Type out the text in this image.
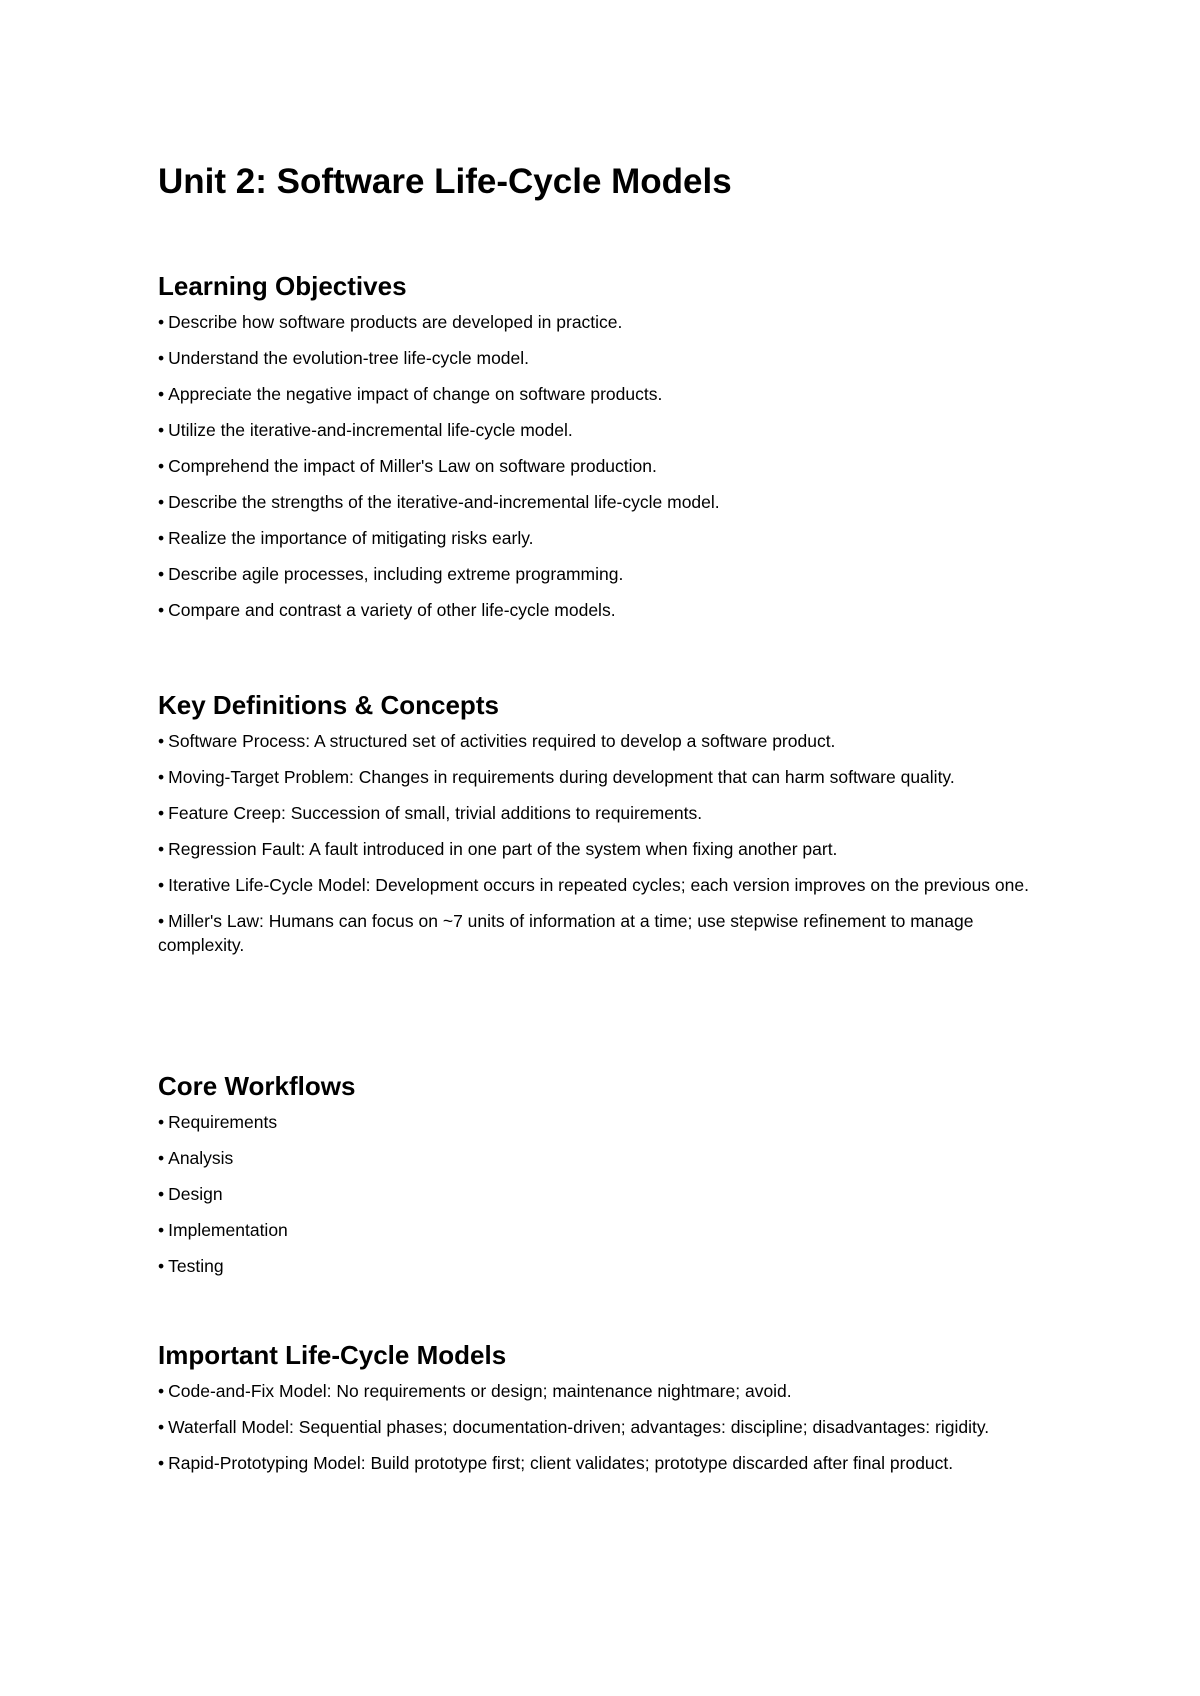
Unit 2: Software Life-Cycle Models
Learning Objectives
• Describe how software products are developed in practice.
• Understand the evolution-tree life-cycle model.
• Appreciate the negative impact of change on software products.
• Utilize the iterative-and-incremental life-cycle model.
• Comprehend the impact of Miller's Law on software production.
• Describe the strengths of the iterative-and-incremental life-cycle model.
• Realize the importance of mitigating risks early.
• Describe agile processes, including extreme programming.
• Compare and contrast a variety of other life-cycle models.
Key Definitions & Concepts
• Software Process: A structured set of activities required to develop a software product.
• Moving-Target Problem: Changes in requirements during development that can harm software quality.
• Feature Creep: Succession of small, trivial additions to requirements.
• Regression Fault: A fault introduced in one part of the system when fixing another part.
• Iterative Life-Cycle Model: Development occurs in repeated cycles; each version improves on the previous one.
• Miller's Law: Humans can focus on ~7 units of information at a time; use stepwise refinement to manage complexity.
Core Workflows
• Requirements
• Analysis
• Design
• Implementation
• Testing
Important Life-Cycle Models
• Code-and-Fix Model: No requirements or design; maintenance nightmare; avoid.
• Waterfall Model: Sequential phases; documentation-driven; advantages: discipline; disadvantages: rigidity.
• Rapid-Prototyping Model: Build prototype first; client validates; prototype discarded after final product.
